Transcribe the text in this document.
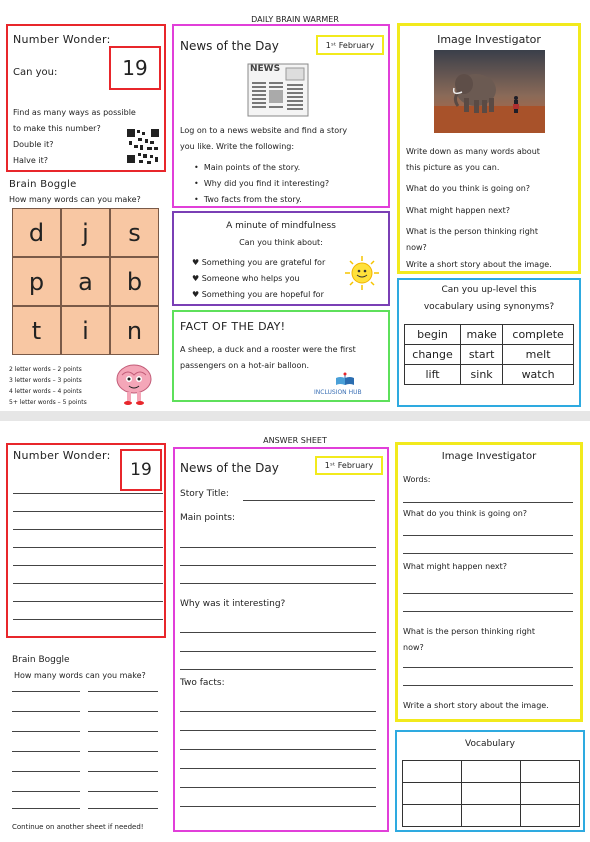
DAILY BRAIN WARMER
Number Wonder:
Can you:	19
Find as many ways as possible
to make this number?
Double it?
Halve it?
Brain Boggle
How many words can you make?
d	j	s
p	a	b
t	i	n
2 letter words – 2 points
3 letter words – 3 points
4 letter words – 4 points
5+ letter words – 5 points
News of the Day	1ˢᵗ February
NEWS
Log on to a news website and find a story
you like. Write the following:
•  Main points of the story.
•  Why did you find it interesting?
•  Two facts from the story.
A minute of mindfulness
Can you think about:
♥ Something you are grateful for
♥ Someone who helps you
♥ Something you are hopeful for
FACT OF THE DAY!
A sheep, a duck and a rooster were the first
passengers on a hot-air balloon.
INCLUSION HUB
Image Investigator
Write down as many words about
this picture as you can.
What do you think is going on?
What might happen next?
What is the person thinking right
now?
Write a short story about the image.
Can you up-level this
vocabulary using synonyms?
begin	make	complete
change	start	melt
lift	sink	watch
ANSWER SHEET
Number Wonder:
19
Brain Boggle
How many words can you make?
Continue on another sheet if needed!
News of the Day	1ˢᵗ February
Story Title:
Main points:
Why was it interesting?
Two facts:
Image Investigator
Words:
What do you think is going on?
What might happen next?
What is the person thinking right
now?
Write a short story about the image.
Vocabulary
